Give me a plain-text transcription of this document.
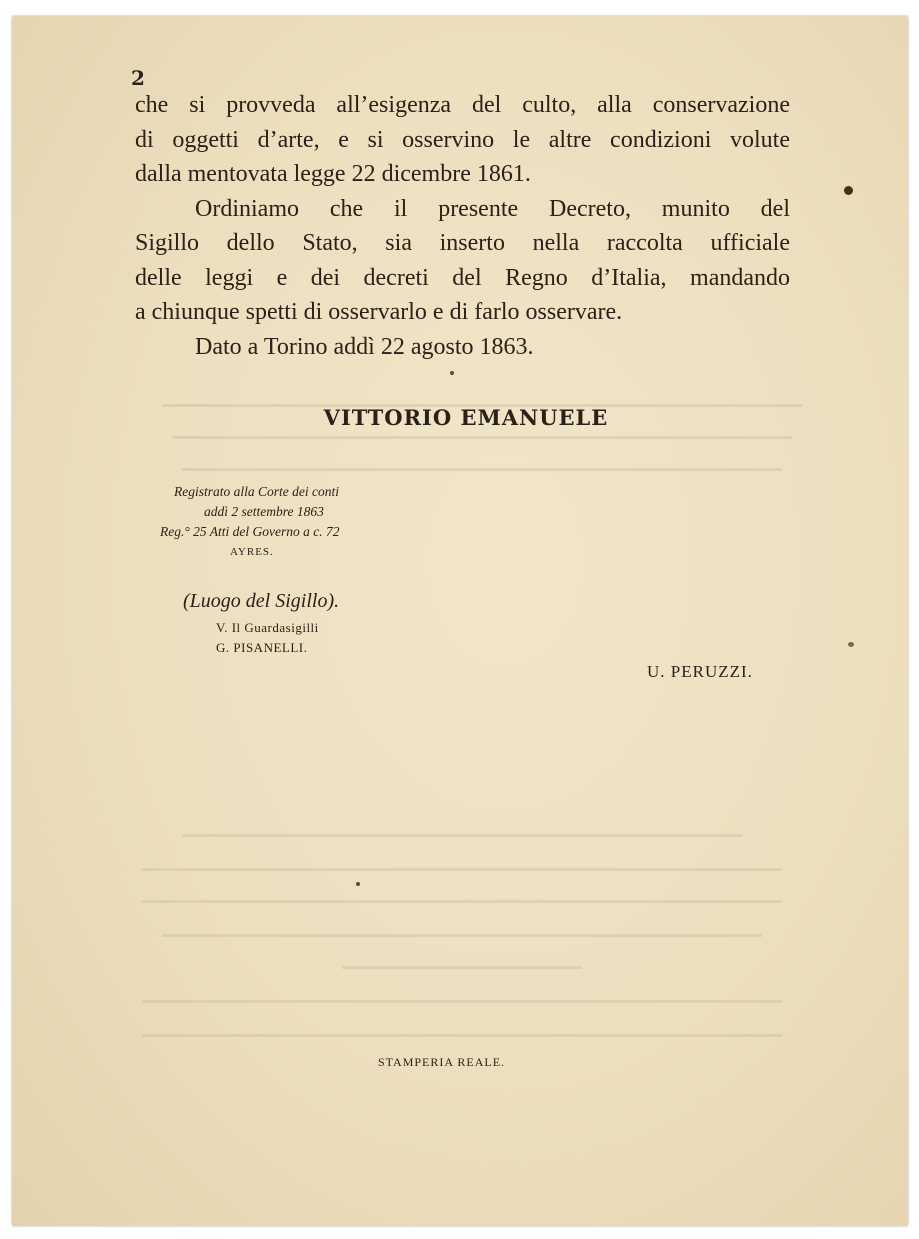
2

che si provveda all’esigenza del culto, alla conservazione

di oggetti d’arte, e si osservino le altre condizioni volute

dalla mentovata legge 22 dicembre 1861.

Ordiniamo che il presente Decreto, munito del

Sigillo dello Stato, sia inserto nella raccolta ufficiale

delle leggi e dei decreti del Regno d’Italia, mandando

a chiunque spetti di osservarlo e di farlo osservare.

Dato a Torino addì 22 agosto 1863.

VITTORIO EMANUELE
Registrato alla Corte dei conti
addì 2 settembre 1863
Reg.° 25 Atti del Governo a c. 72
AYRES.
(Luogo del Sigillo).
V. Il Guardasigilli
G. PISANELLI.
U. PERUZZI.
STAMPERIA REALE.
